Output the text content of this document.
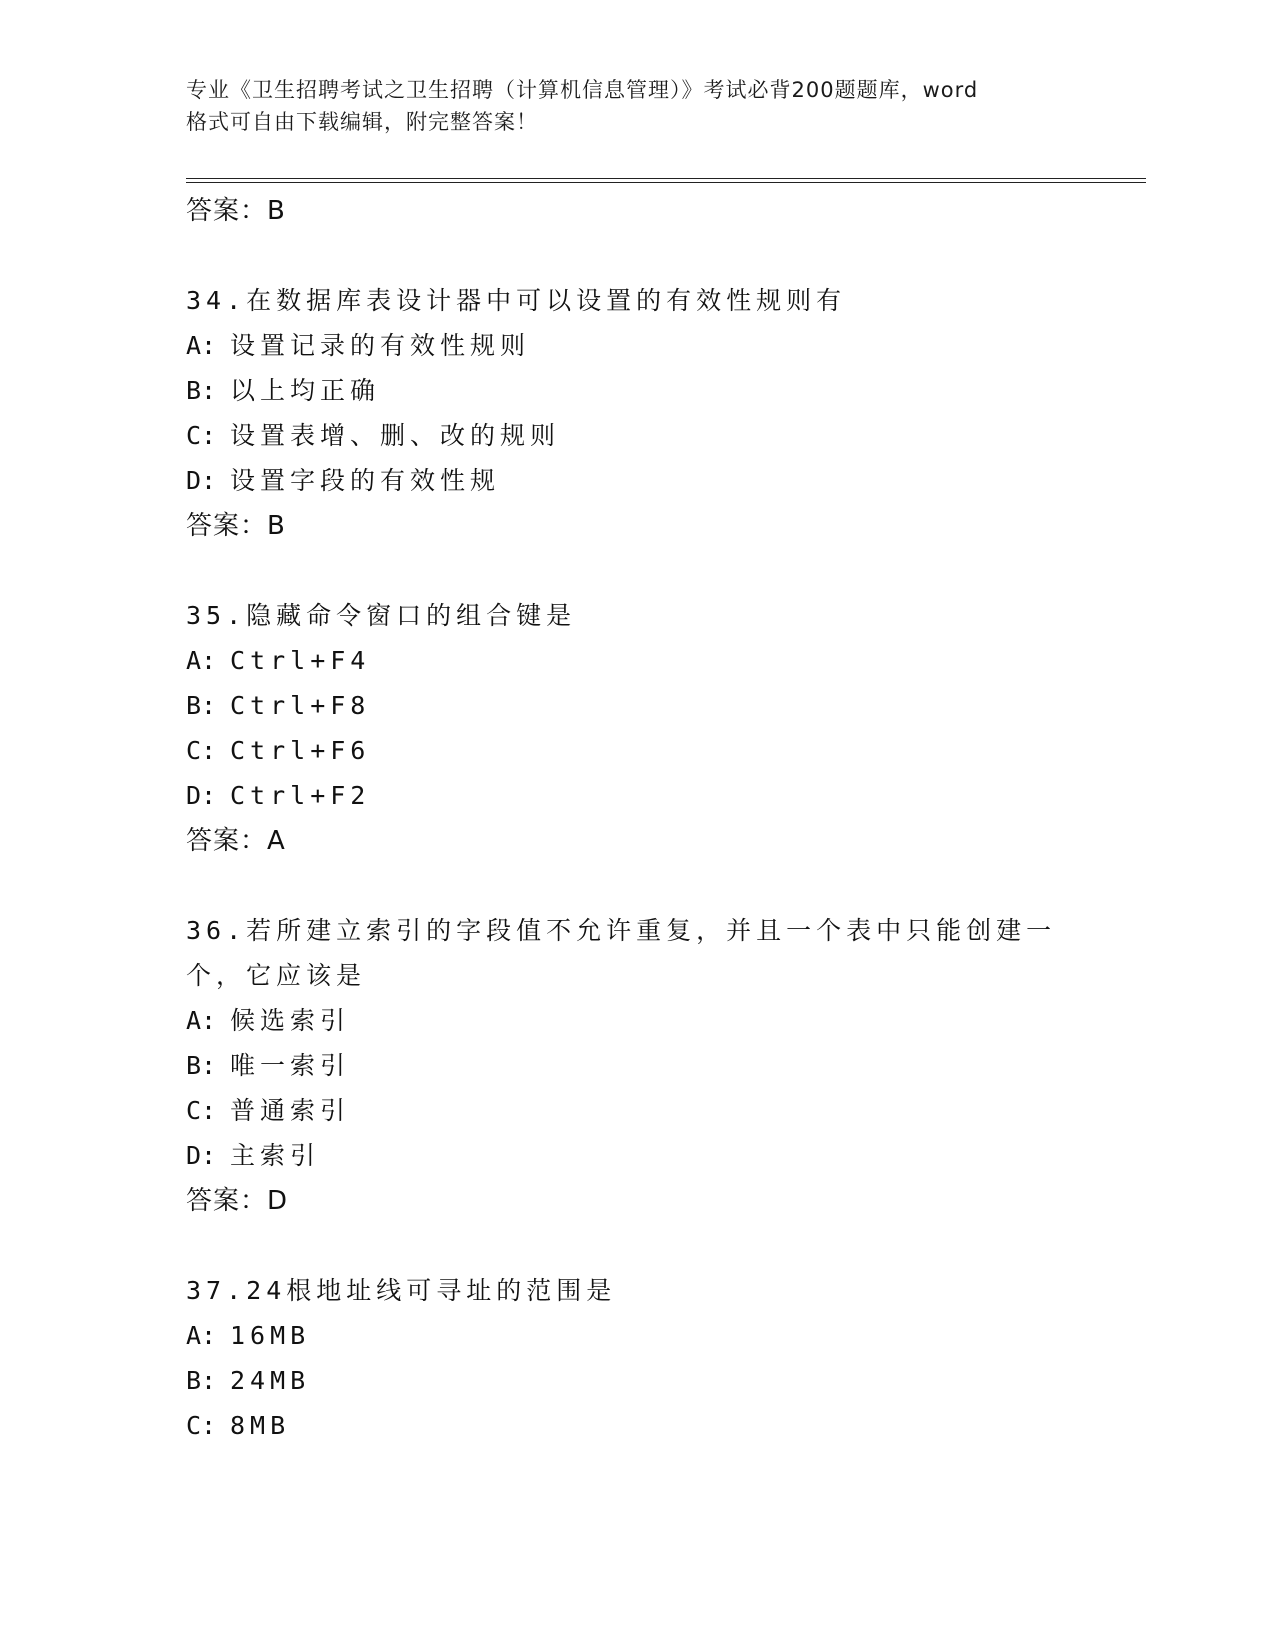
专业《卫生招聘考试之卫生招聘（计算机信息管理）》考试必背200题题库，word
格式可自由下载编辑，附完整答案！
答案：B
34.在数据库表设计器中可以设置的有效性规则有
A: 设置记录的有效性规则
B: 以上均正确
C: 设置表增、删、改的规则
D: 设置字段的有效性规
答案：B
35.隐藏命令窗口的组合键是
A: Ctrl+F4
B: Ctrl+F8
C: Ctrl+F6
D: Ctrl+F2
答案：A
36.若所建立索引的字段值不允许重复，并且一个表中只能创建一个，它应该是
A: 候选索引
B: 唯一索引
C: 普通索引
D: 主索引
答案：D
37.24根地址线可寻址的范围是
A: 16MB
B: 24MB
C: 8MB
